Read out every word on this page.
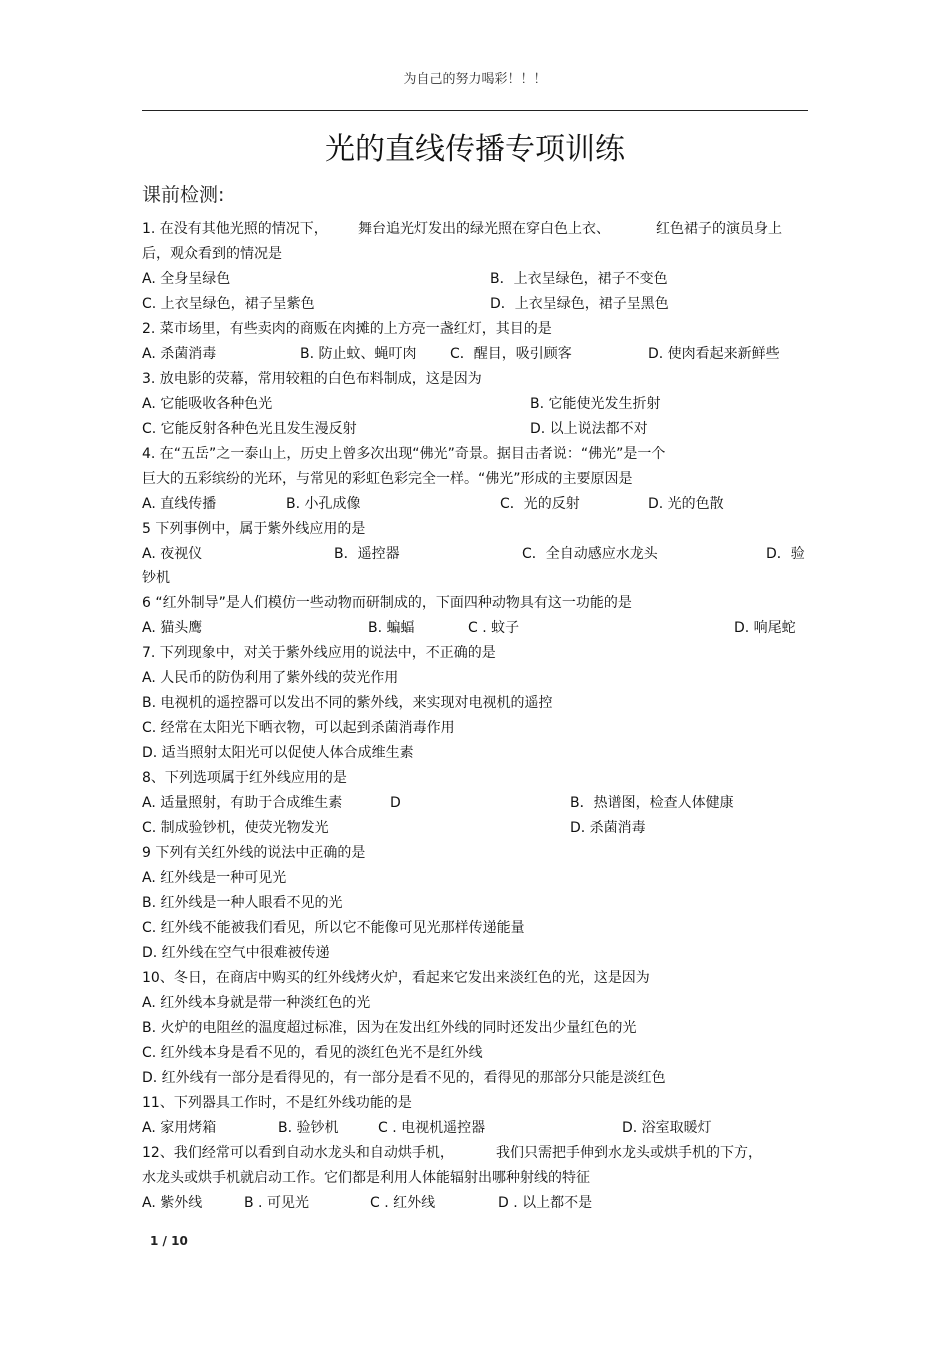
为自己的努力喝彩！！！
光的直线传播专项训练
课前检测:
1. 在没有其他光照的情况下， 舞台追光灯发出的绿光照在穿白色上衣、	红色裙子的演员身上
后，观众看到的情况是
A. 全身呈绿色	B．上衣呈绿色，裙子不变色
C. 上衣呈绿色，裙子呈紫色	D．上衣呈绿色，裙子呈黑色
2. 菜市场里，有些卖肉的商贩在肉摊的上方亮一盏红灯，其目的是
A. 杀菌消毒	B. 防止蚊、蝇叮肉 C．醒目，吸引顾客	D. 使肉看起来新鲜些
3. 放电影的荧幕，常用较粗的白色布料制成，这是因为
A. 它能吸收各种色光	B. 它能使光发生折射
C. 它能反射各种色光且发生漫反射	D. 以上说法都不对
4. 在“五岳”之一泰山上，历史上曾多次出现“佛光”奇景。据目击者说：“佛光”是一个
巨大的五彩缤纷的光环，与常见的彩虹色彩完全一样。“佛光”形成的主要原因是
A. 直线传播	B. 小孔成像	C．光的反射	D. 光的色散
5 下列事例中，属于紫外线应用的是
A. 夜视仪	B．遥控器	C．全自动感应水龙头	D．验
钞机
6 “红外制导”是人们模仿一些动物而研制成的，下面四种动物具有这一功能的是
A. 猫头鹰	B. 蝙蝠	C . 蚊子	D. 响尾蛇
7. 下列现象中，对关于紫外线应用的说法中，不正确的是
A. 人民币的防伪利用了紫外线的荧光作用
B. 电视机的遥控器可以发出不同的紫外线，来实现对电视机的遥控
C. 经常在太阳光下晒衣物，可以起到杀菌消毒作用
D. 适当照射太阳光可以促使人体合成维生素
8、下列选项属于红外线应用的是
A. 适量照射，有助于合成维生素	D	B．热谱图，检查人体健康
C. 制成验钞机，使荧光物发光	D. 杀菌消毒
9 下列有关红外线的说法中正确的是
A. 红外线是一种可见光
B. 红外线是一种人眼看不见的光
C. 红外线不能被我们看见，所以它不能像可见光那样传递能量
D. 红外线在空气中很难被传递
10、冬日，在商店中购买的红外线烤火炉，看起来它发出来淡红色的光，这是因为
A. 红外线本身就是带一种淡红色的光
B. 火炉的电阻丝的温度超过标准，因为在发出红外线的同时还发出少量红色的光
C. 红外线本身是看不见的，看见的淡红色光不是红外线
D. 红外线有一部分是看得见的，有一部分是看不见的，看得见的那部分只能是淡红色
11、下列器具工作时，不是红外线功能的是
A. 家用烤箱	B. 验钞机	C . 电视机遥控器	D. 浴室取暖灯
12、我们经常可以看到自动水龙头和自动烘手机，	我们只需把手伸到水龙头或烘手机的下方，
水龙头或烘手机就启动工作。它们都是利用人体能辐射出哪种射线的特征
A. 紫外线	B . 可见光	C . 红外线	D . 以上都不是
1 / 10
